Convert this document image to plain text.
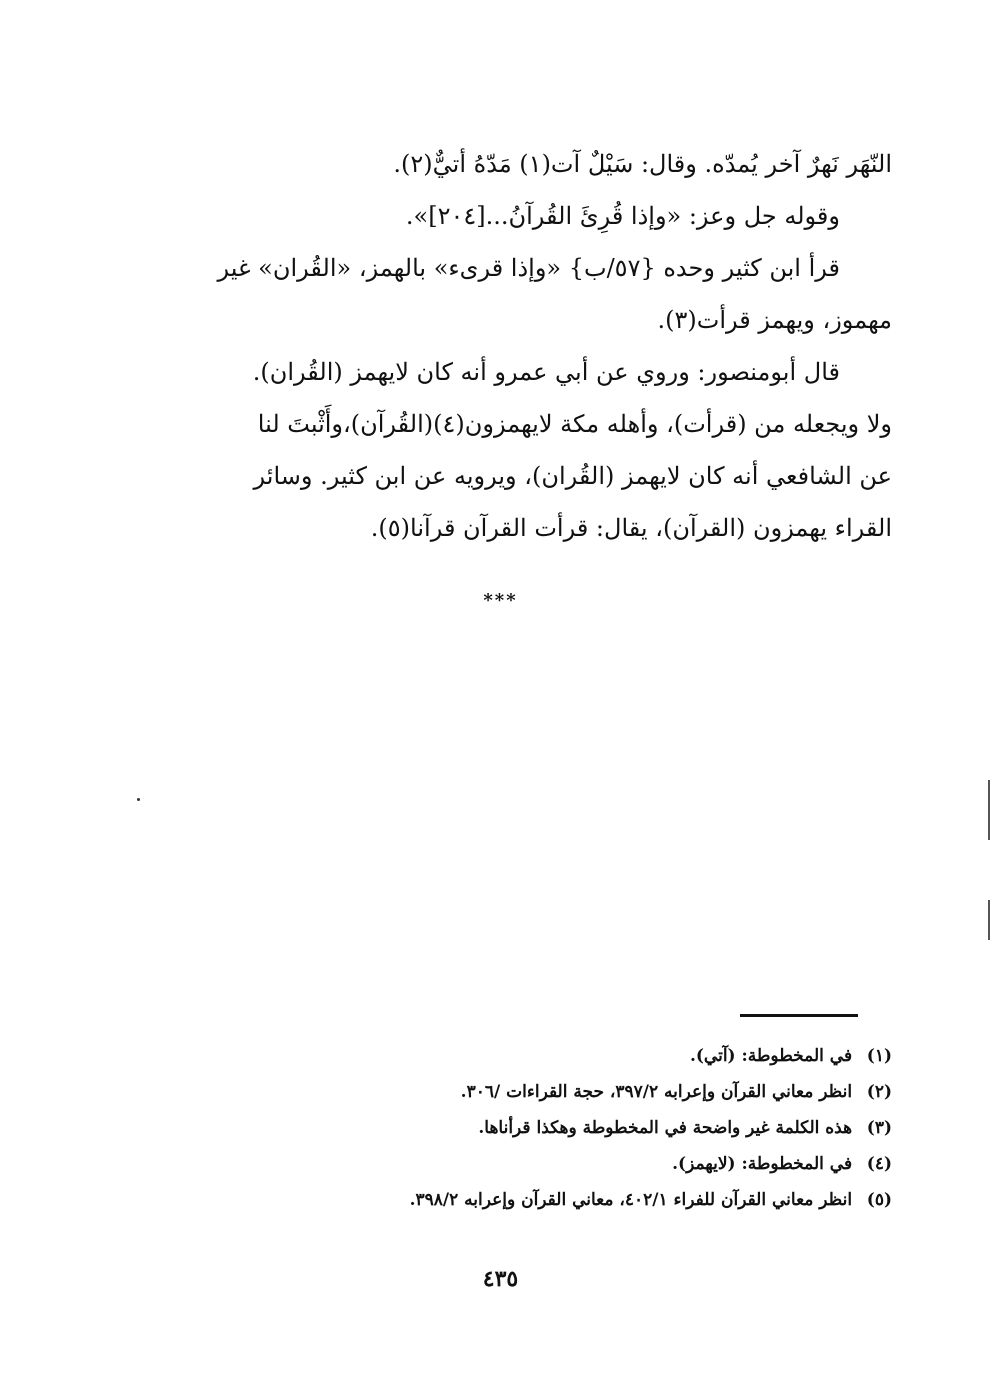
النّهَر نَهرٌ آخر يُمدّه. وقال: سَيْلٌ آت(١) مَدّهُ أتيٌّ(٢).
وقوله جل وعز: «وإذا قُرِئَ القُرآنُ...[٢٠٤]».
قرأ ابن كثير وحده {٥٧/ب} «وإذا قرىء» بالهمز، «القُران» غير
مهموز، ويهمز قرأت(٣).
قال أبومنصور: وروي عن أبي عمرو أنه كان لايهمز (القُران).
ولا ويجعله من (قرأت)، وأهله مكة لايهمزون(٤)(القُرآن)،وأَثْبتَ لنا
عن الشافعي أنه كان لايهمز (القُران)، ويرويه عن ابن كثير. وسائر
القراء يهمزون (القرآن)، يقال: قرأت القرآن قرآنا(٥).
***
(١) في المخطوطة: (آتي).
(٢) انظر معاني القرآن وإعرابه ٣٩٧/٢، حجة القراءات /٣٠٦.
(٣) هذه الكلمة غير واضحة في المخطوطة وهكذا قرأناها.
(٤) في المخطوطة: (لايهمز).
(٥) انظر معاني القرآن للفراء ٤٠٢/١، معاني القرآن وإعرابه ٣٩٨/٢.
٤٣٥
